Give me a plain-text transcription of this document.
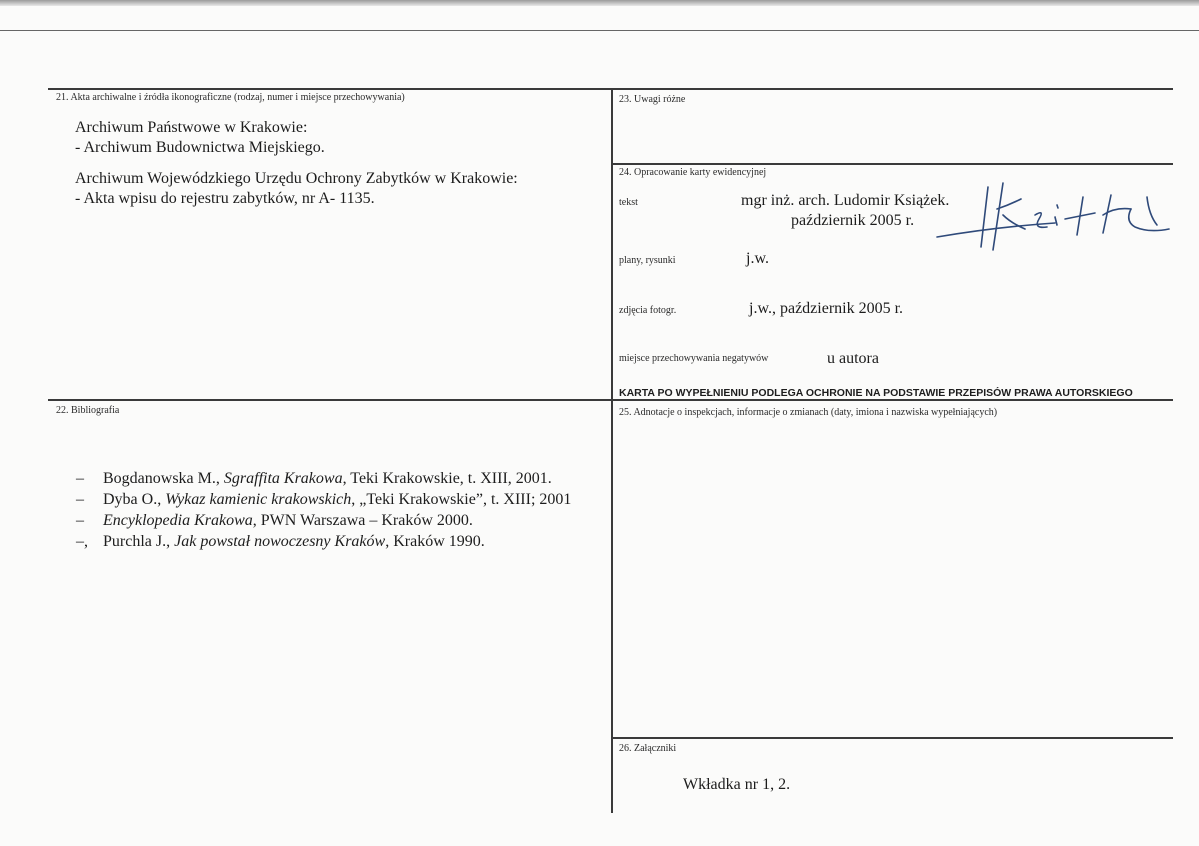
21. Akta archiwalne i źródła ikonograficzne (rodzaj, numer i miejsce przechowywania)
Archiwum Państwowe w Krakowie:
- Archiwum Budownictwa Miejskiego.
Archiwum Wojewódzkiego Urzędu Ochrony Zabytków w Krakowie:
- Akta wpisu do rejestru zabytków, nr A- 1135.
22. Bibliografia
– Bogdanowska M., Sgraffita Krakowa, Teki Krakowskie, t. XIII, 2001.
– Dyba O., Wykaz kamienic krakowskich, „Teki Krakowskie”, t. XIII; 2001
– Encyklopedia Krakowa, PWN Warszawa – Kraków 2000.
–, Purchla J., Jak powstał nowoczesny Kraków, Kraków 1990.
23. Uwagi różne
24. Opracowanie karty ewidencyjnej
tekst	mgr inż. arch. Ludomir Książek.
październik 2005 r.
plany, rysunki	j.w.
zdjęcia fotogr.	j.w., październik 2005 r.
miejsce przechowywania negatywów	u autora
KARTA PO WYPEŁNIENIU PODLEGA OCHRONIE NA PODSTAWIE PRZEPISÓW PRAWA AUTORSKIEGO
25. Adnotacje o inspekcjach, informacje o zmianach (daty, imiona i nazwiska wypełniających)
26. Załączniki
Wkładka nr 1, 2.
